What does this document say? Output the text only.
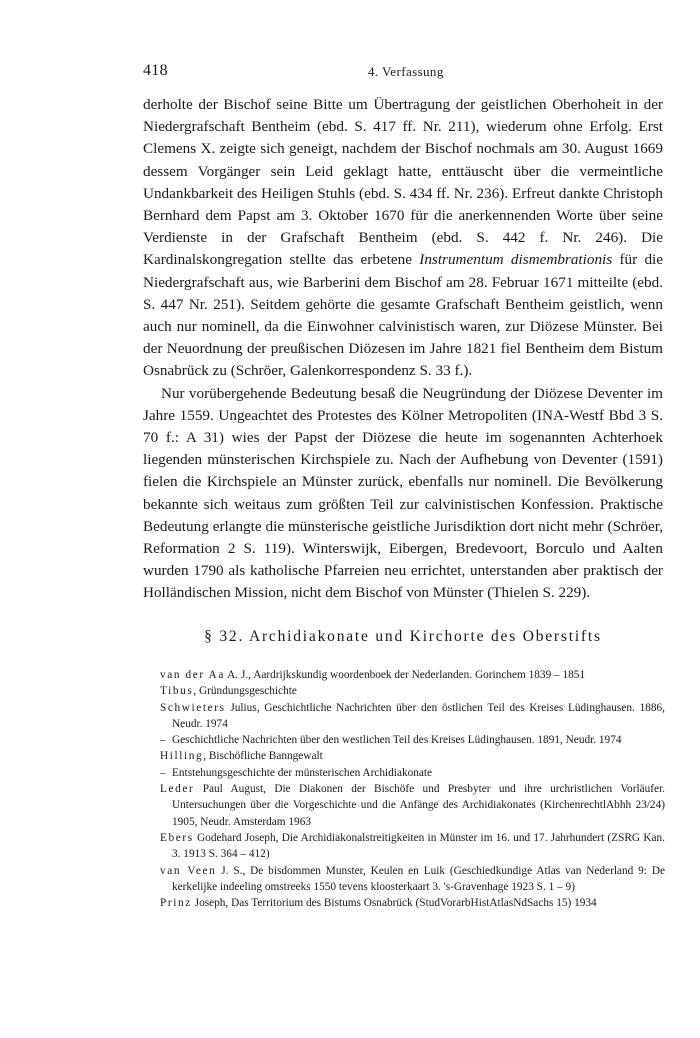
418	4. Verfassung

derholte der Bischof seine Bitte um Übertragung der geistlichen Oberhoheit in der Niedergrafschaft Bentheim (ebd. S. 417 ff. Nr. 211), wiederum ohne Erfolg. Erst Clemens X. zeigte sich geneigt, nachdem der Bischof nochmals am 30. August 1669 dessem Vorgänger sein Leid geklagt hatte, enttäuscht über die vermeintliche Undankbarkeit des Heiligen Stuhls (ebd. S. 434 ff. Nr. 236). Erfreut dankte Christoph Bernhard dem Papst am 3. Oktober 1670 für die anerkennenden Worte über seine Verdienste in der Grafschaft Bentheim (ebd. S. 442 f. Nr. 246). Die Kardinalskongregation stellte das erbetene Instrumentum dismembrationis für die Niedergrafschaft aus, wie Barberini dem Bischof am 28. Februar 1671 mitteilte (ebd. S. 447 Nr. 251). Seitdem gehörte die gesamte Grafschaft Bentheim geistlich, wenn auch nur nominell, da die Einwohner calvinistisch waren, zur Diözese Münster. Bei der Neuordnung der preußischen Diözesen im Jahre 1821 fiel Bentheim dem Bistum Osnabrück zu (Schröer, Galenkorrespondenz S. 33 f.).

Nur vorübergehende Bedeutung besaß die Neugründung der Diözese Deventer im Jahre 1559. Ungeachtet des Protestes des Kölner Metropoliten (INA-Westf Bbd 3 S. 70 f.: A 31) wies der Papst der Diözese die heute im sogenannten Achterhoek liegenden münsterischen Kirchspiele zu. Nach der Aufhebung von Deventer (1591) fielen die Kirchspiele an Münster zurück, ebenfalls nur nominell. Die Bevölkerung bekannte sich weitaus zum größten Teil zur calvinistischen Konfession. Praktische Bedeutung erlangte die münsterische geistliche Jurisdiktion dort nicht mehr (Schröer, Reformation 2 S. 119). Winterswijk, Eibergen, Bredevoort, Borculo und Aalten wurden 1790 als katholische Pfarreien neu errichtet, unterstanden aber praktisch der Holländischen Mission, nicht dem Bischof von Münster (Thielen S. 229).

§ 32. Archidiakonate und Kirchorte des Oberstifts
van der Aa A. J., Aardrijkskundig woordenboek der Nederlanden. Gorinchem 1839 – 1851
Tibus, Gründungsgeschichte
Schwieters Julius, Geschichtliche Nachrichten über den östlichen Teil des Kreises Lüdinghausen. 1886, Neudr. 1974
– Geschichtliche Nachrichten über den westlichen Teil des Kreises Lüdinghausen. 1891, Neudr. 1974
Hilling, Bischöfliche Banngewalt
– Entstehungsgeschichte der münsterischen Archidiakonate
Leder Paul August, Die Diakonen der Bischöfe und Presbyter und ihre urchristlichen Vorläufer. Untersuchungen über die Vorgeschichte und die Anfänge des Archidiakonates (KirchenrechtlAbhh 23/24) 1905, Neudr. Amsterdam 1963
Ebers Godehard Joseph, Die Archidiakonalstreitigkeiten in Münster im 16. und 17. Jahrhundert (ZSRG Kan. 3. 1913 S. 364 – 412)
van Veen J. S., De bisdommen Munster, Keulen en Luik (Geschiedkundige Atlas van Nederland 9: De kerkelijke indeeling omstreeks 1550 tevens kloosterkaart 3. 's-Gravenhage 1923 S. 1 – 9)
Prinz Joseph, Das Territorium des Bistums Osnabrück (StudVorarbHistAtlasNdSachs 15) 1934
